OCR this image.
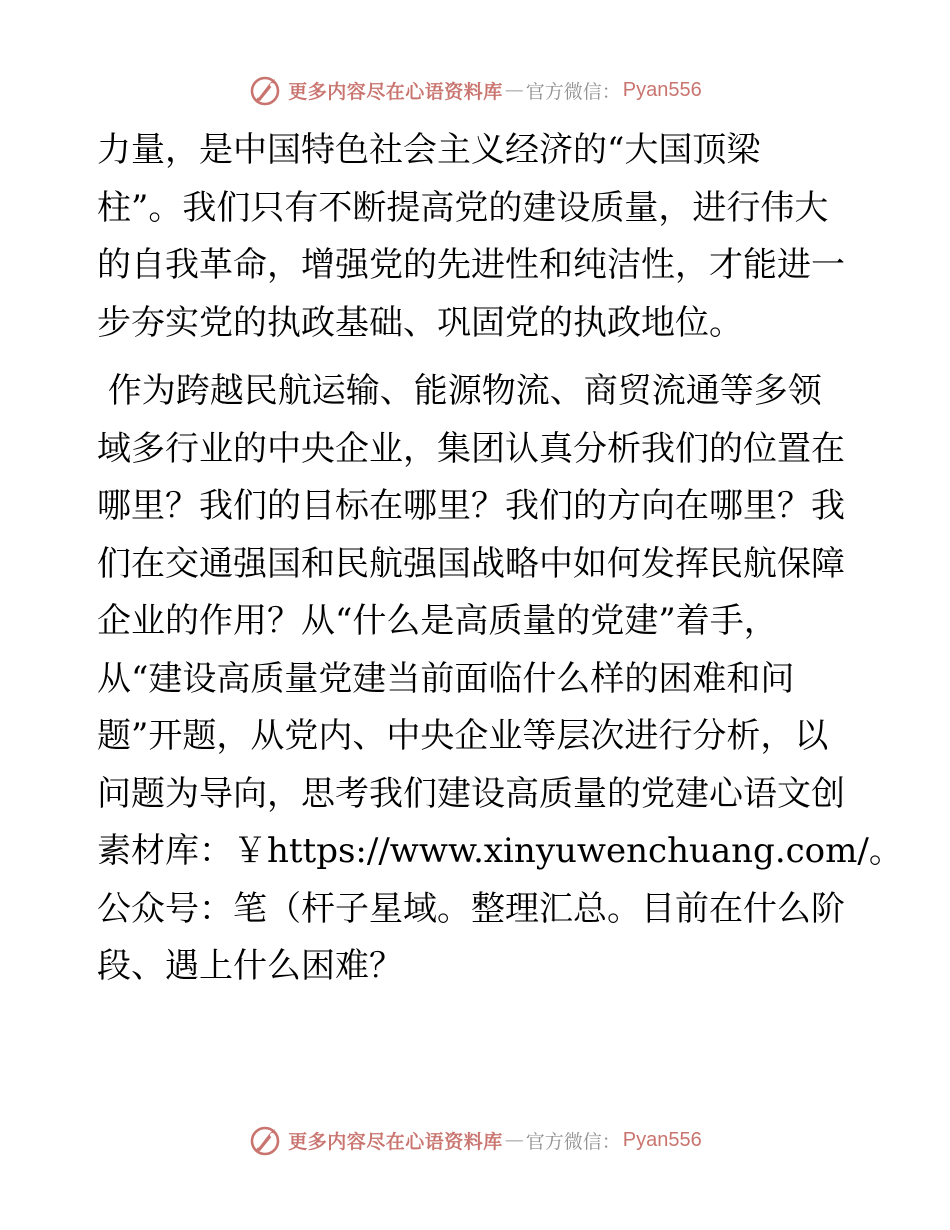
更多内容尽在心语资料库 — 官方微信： Pyan556
力量，是中国特色社会主义经济的“大国顶梁
柱”。我们只有不断提高党的建设质量，进行伟大
的自我革命，增强党的先进性和纯洁性，才能进一
步夯实党的执政基础、巩固党的执政地位。
作为跨越民航运输、能源物流、商贸流通等多领
域多行业的中央企业，集团认真分析我们的位置在
哪里？我们的目标在哪里？我们的方向在哪里？我
们在交通强国和民航强国战略中如何发挥民航保障
企业的作用？从“什么是高质量的党建”着手，
从“建设高质量党建当前面临什么样的困难和问
题”开题，从党内、中央企业等层次进行分析，以
问题为导向，思考我们建设高质量的党建心语文创
素材库：￥https://www.xinyuwenchuang.com/。
公众号：笔（杆子星域。整理汇总。目前在什么阶
段、遇上什么困难？
更多内容尽在心语资料库 — 官方微信： Pyan556
